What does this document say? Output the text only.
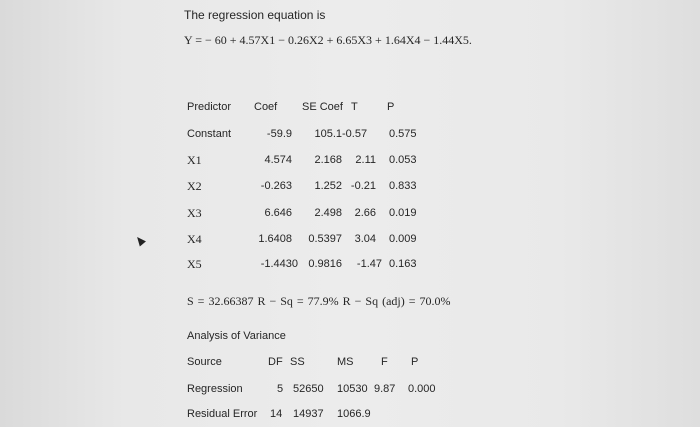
The regression equation is
Y = − 60 + 4.57X1 − 0.26X2 + 6.65X3 + 1.64X4 − 1.44X5.
Predictor Coef SE Coef T	P
Constant	-59.9	105.1 -0.57 0.575
X1	4.574	2.168	2.11 0.053
X2	-0.263	1.252 -0.21 0.833
X3	6.646	2.498	2.66 0.019
X4	1.6408	0.5397	3.04 0.009
X5	-1.4430 0.9816	-1.47 0.163
S = 32.66387 R − Sq = 77.9% R − Sq (adj) = 70.0%
Analysis of Variance
Source	DF SS	MS	F P
Regression	5 52650 10530 9.87 0.000
Residual Error 14 14937 1066.9
